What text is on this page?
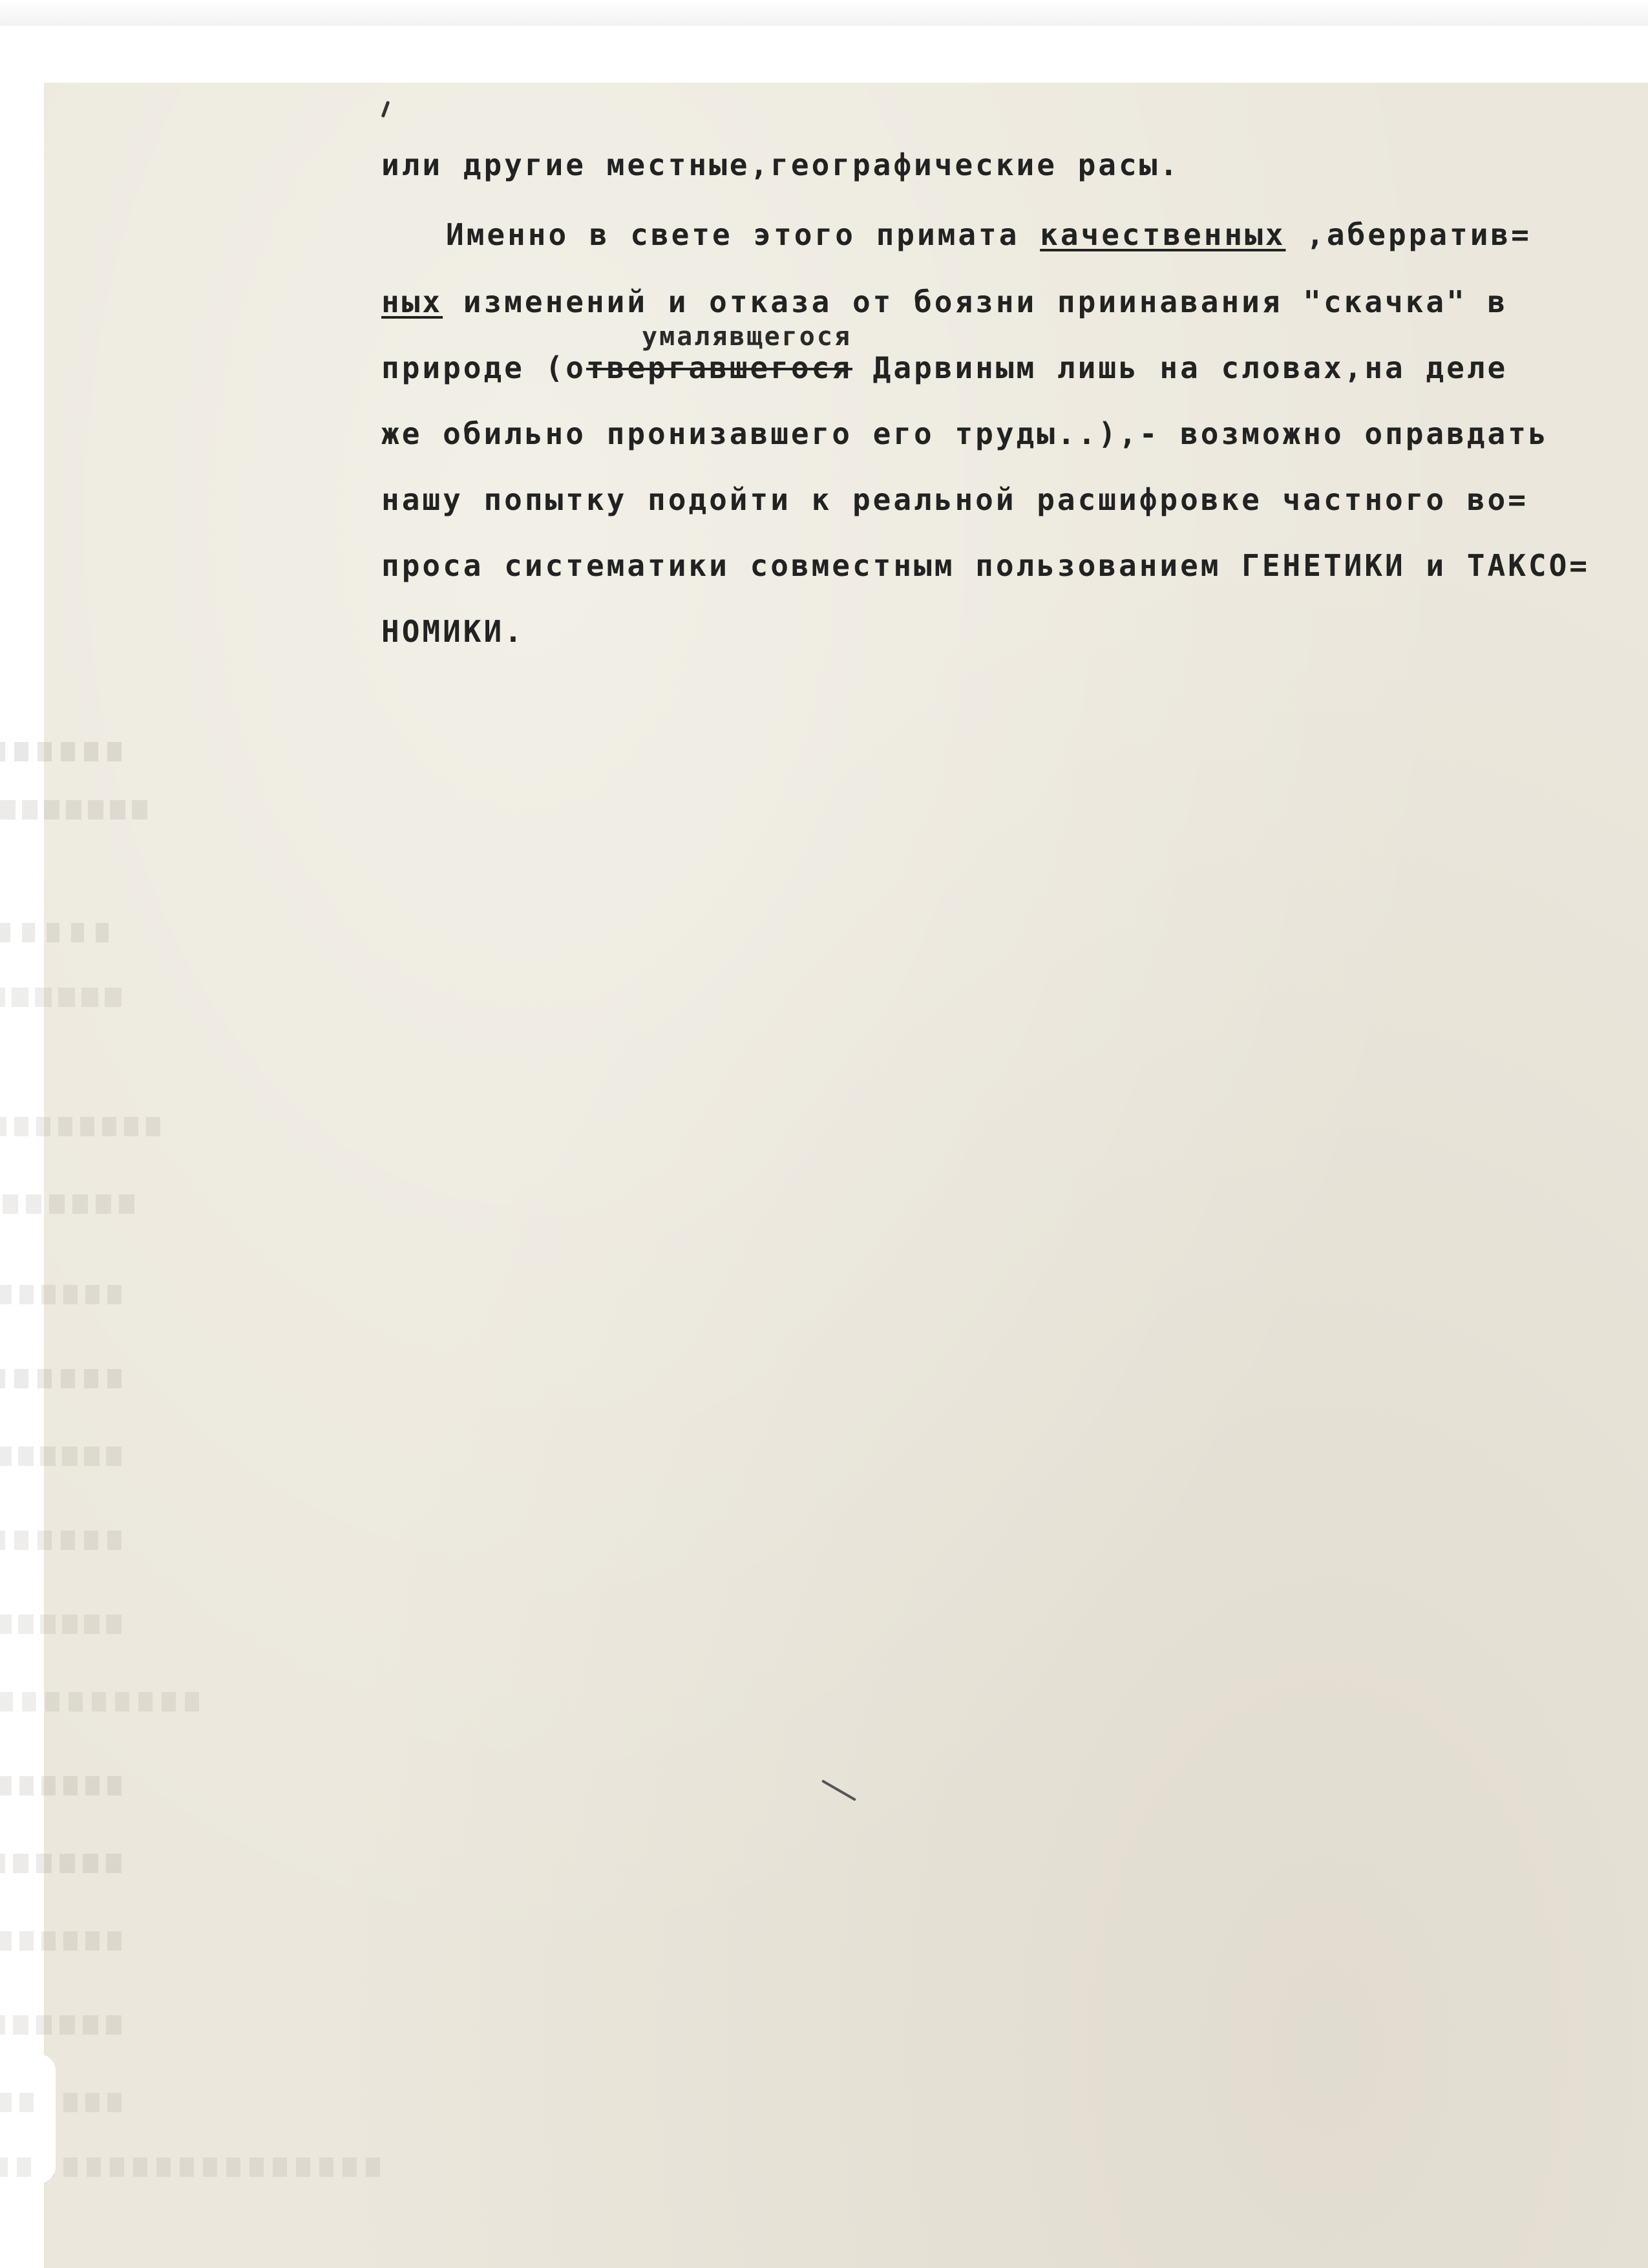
или другие местные,географические расы.
Именно в свете этого примата качественных ,aберратив=
ных изменений и отказа от боязни приинавания "скачка" в
умалявщегося
природе (отвергавшегося Дарвиным лишь на словах,на деле
же обильно пронизавшего его труды..),- возможно оправдать
нашу попытку подойти к реальной расшифровке частного во=
проса систематики совместным пользованием ГЕНЕТИКИ и ТАКСО=
НОМИКИ.
